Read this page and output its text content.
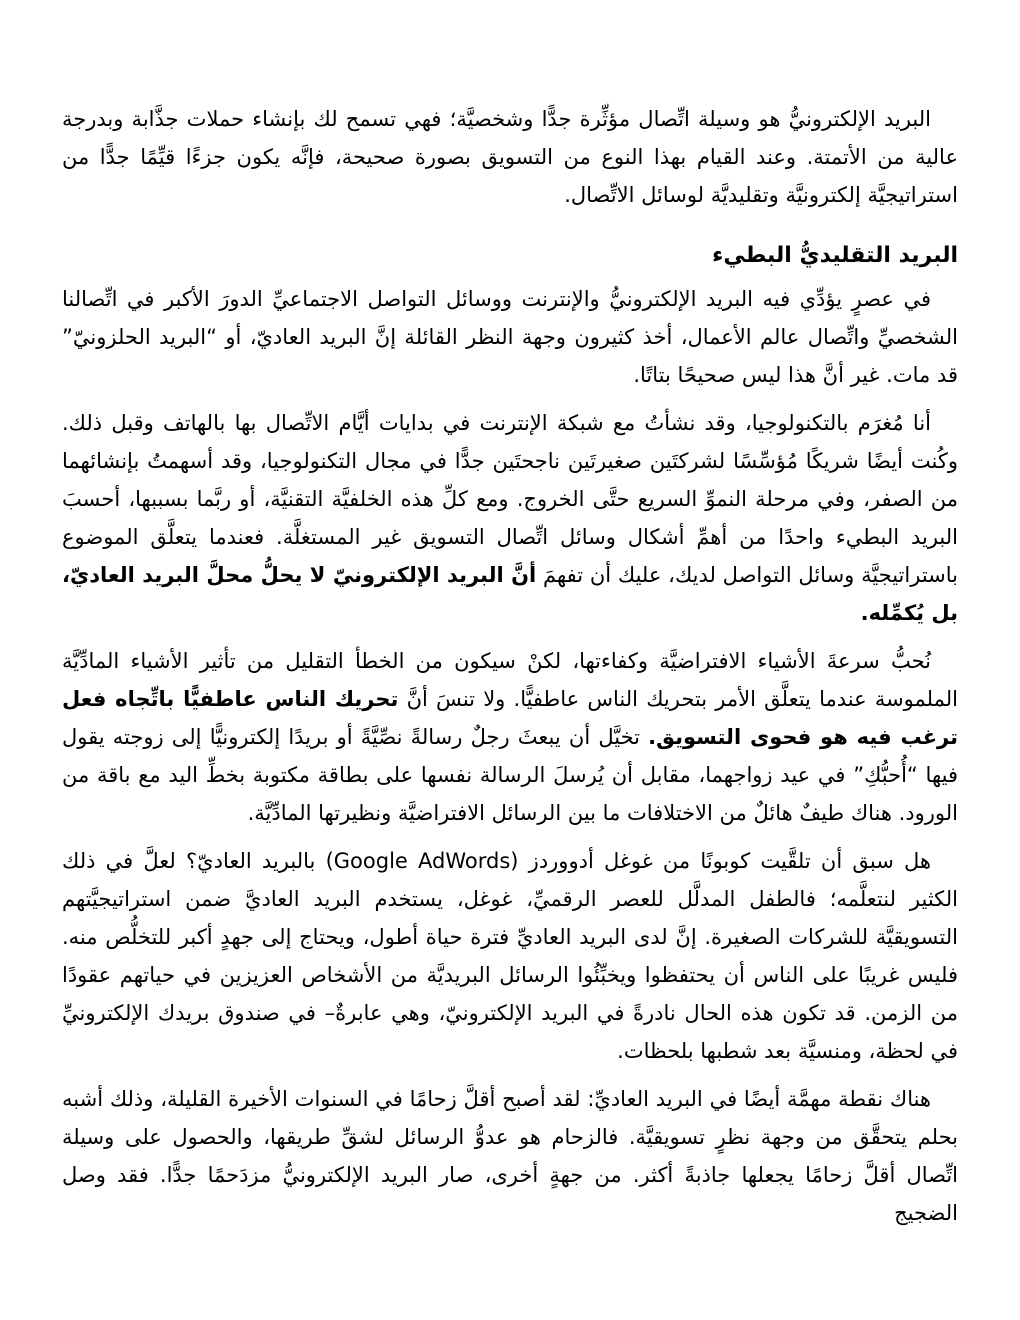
البريد الإلكترونيُّ هو وسيلة اتِّصال مؤثِّرة جدًّا وشخصيَّة؛ فهي تسمح لك بإنشاء حملات جذَّابة وبدرجة عالية من الأتمتة. وعند القيام بهذا النوع من التسويق بصورة صحيحة، فإنَّه يكون جزءًا قيِّمًا جدًّا من استراتيجيَّة إلكترونيَّة وتقليديَّة لوسائل الاتِّصال.

البريد التقليديُّ البطيء

في عصرٍ يؤدِّي فيه البريد الإلكترونيُّ والإنترنت ووسائل التواصل الاجتماعيِّ الدورَ الأكبر في اتِّصالنا الشخصيِّ واتِّصال عالم الأعمال، أخذ كثيرون وجهة النظر القائلة إنَّ البريد العاديّ، أو “البريد الحلزونيّ” قد مات. غير أنَّ هذا ليس صحيحًا بتاتًا.

أنا مُغرَم بالتكنولوجيا، وقد نشأتُ مع شبكة الإنترنت في بدايات أيَّام الاتِّصال بها بالهاتف وقبل ذلك. وكُنت أيضًا شريكًا مُؤسِّسًا لشركتَين صغيرتَين ناجحتَين جدًّا في مجال التكنولوجيا، وقد أسهمتُ بإنشائهما من الصفر، وفي مرحلة النموِّ السريع حتَّى الخروج. ومع كلِّ هذه الخلفيَّة التقنيَّة، أو ربَّما بسببها، أحسبَ البريد البطيء واحدًا من أهمِّ أشكال وسائل اتِّصال التسويق غير المستغلَّة. فعندما يتعلَّق الموضوع باستراتيجيَّة وسائل التواصل لديك، عليك أن تفهمَ أنَّ البريد الإلكترونيّ لا يحلُّ محلَّ البريد العاديّ، بل يُكمِّله.

نُحبُّ سرعةَ الأشياء الافتراضيَّة وكفاءتها، لكنْ سيكون من الخطأ التقليل من تأثير الأشياء المادِّيَّة الملموسة عندما يتعلَّق الأمر بتحريك الناس عاطفيًّا. ولا تنسَ أنَّ تحريك الناس عاطفيًّا باتِّجاه فعل ترغب فيه هو فحوى التسويق. تخيَّل أن يبعثَ رجلٌ رسالةً نصِّيَّةً أو بريدًا إلكترونيًّا إلى زوجته يقول فيها “أُحبُّكِ” في عيد زواجهما، مقابل أن يُرسلَ الرسالة نفسها على بطاقة مكتوبة بخطِّ اليد مع باقة من الورود. هناك طيفٌ هائلٌ من الاختلافات ما بين الرسائل الافتراضيَّة ونظيرتها المادِّيَّة.

هل سبق أن تلقَّيت كوبونًا من غوغل أدووردز (Google AdWords) بالبريد العاديّ؟ لعلَّ في ذلك الكثير لنتعلَّمه؛ فالطفل المدلَّل للعصر الرقميِّ، غوغل، يستخدم البريد العاديَّ ضمن استراتيجيَّتهم التسويقيَّة للشركات الصغيرة. إنَّ لدى البريد العاديِّ فترة حياة أطول، ويحتاج إلى جهدٍ أكبر للتخلُّص منه. فليس غريبًا على الناس أن يحتفظوا ويخبِّئُوا الرسائل البريديَّة من الأشخاص العزيزين في حياتهم عقودًا من الزمن. قد تكون هذه الحال نادرةً في البريد الإلكترونيّ، وهي عابرةٌ– في صندوق بريدك الإلكترونيِّ في لحظة، ومنسيَّة بعد شطبها بلحظات.

هناك نقطة مهمَّة أيضًا في البريد العاديِّ: لقد أصبح أقلَّ زحامًا في السنوات الأخيرة القليلة، وذلك أشبه بحلم يتحقَّق من وجهة نظرٍ تسويقيَّة. فالزحام هو عدوُّ الرسائل لشقِّ طريقها، والحصول على وسيلة اتِّصال أقلَّ زحامًا يجعلها جاذبةً أكثر. من جهةٍ أخرى، صار البريد الإلكترونيُّ مزدَحمًا جدًّا. فقد وصل الضجيج
